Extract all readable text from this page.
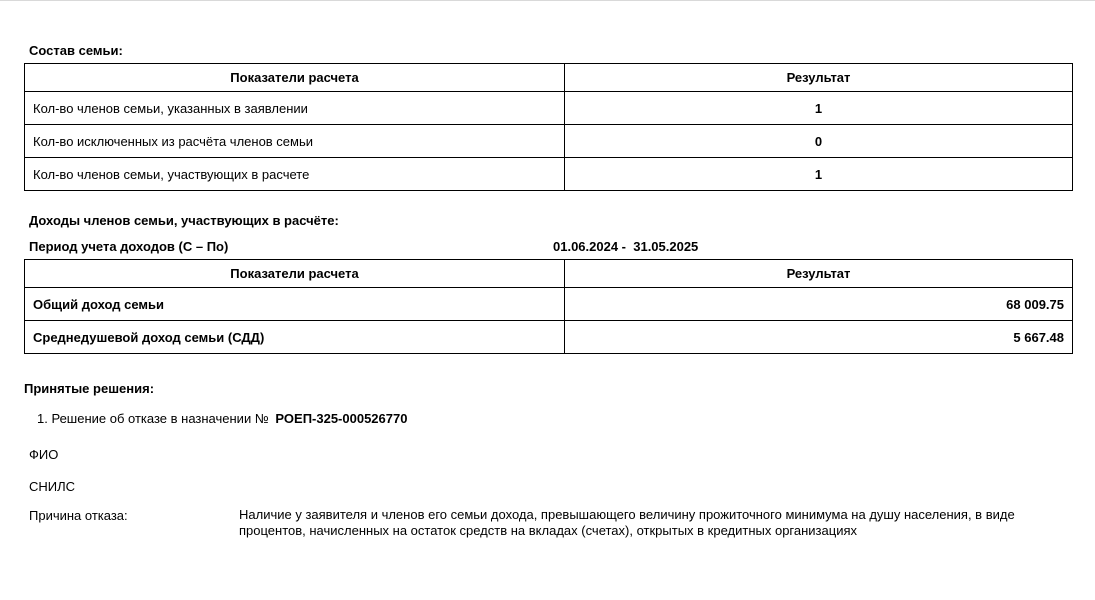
Состав семьи:
Показатели расчета	Результат
Кол-во членов семьи, указанных в заявлении	1
Кол-во исключенных из расчёта членов семьи	0
Кол-во членов семьи, участвующих в расчете	1
Доходы членов семьи, участвующих в расчёте:
Период учета доходов (С – По)	01.06.2024 -  31.05.2025
Показатели расчета	Результат
Общий доход семьи	68 009.75
Среднедушевой доход семьи (СДД)	5 667.48
Принятые решения:
1. Решение об отказе в назначении № РОЕП-325-000526770
ФИО
СНИЛС
Причина отказа:	Наличие у заявителя и членов его семьи дохода, превышающего величину прожиточного минимума на душу населения, в виде процентов, начисленных на остаток средств на вкладах (счетах), открытых в кредитных организациях
